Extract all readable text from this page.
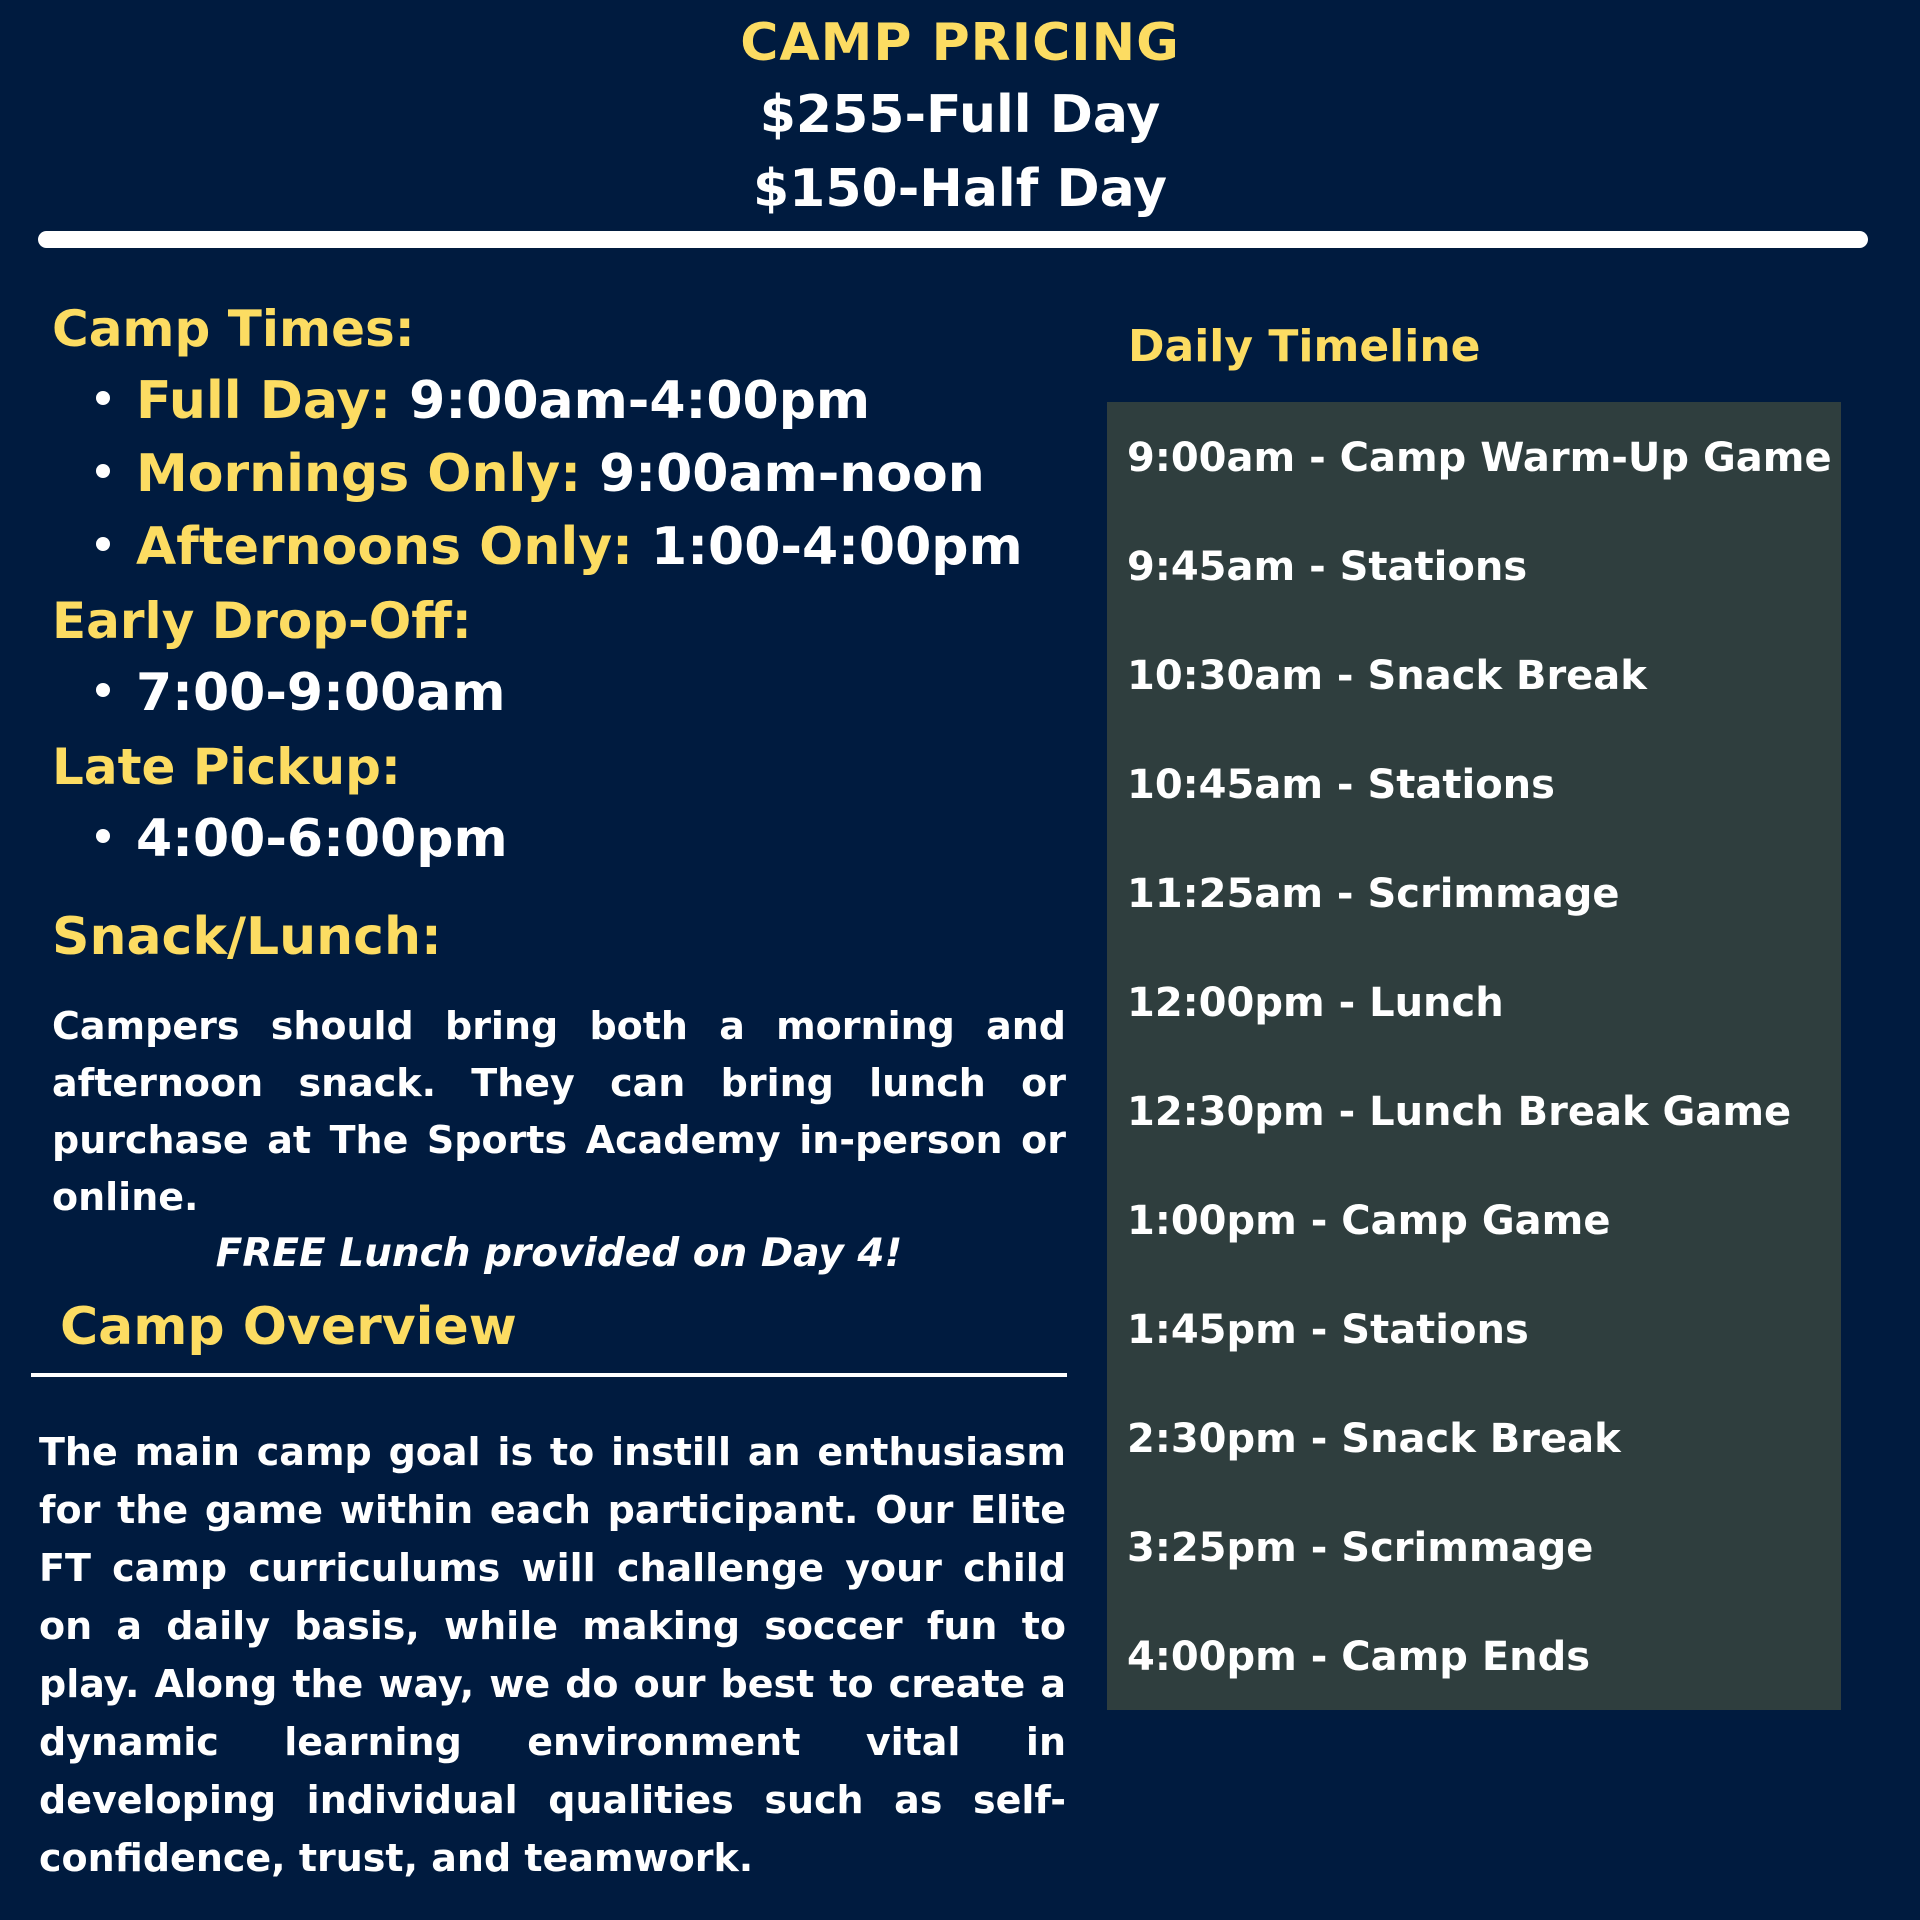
CAMP PRICING
$255-Full Day
$150-Half Day
Camp Times:
Full Day: 9:00am-4:00pm
Mornings Only: 9:00am-noon
Afternoons Only: 1:00-4:00pm
Early Drop-Off:
7:00-9:00am
Late Pickup:
4:00-6:00pm
Snack/Lunch:
Campers should bring both a morning and afternoon snack. They can bring lunch or purchase at The Sports Academy in-person or online.
FREE Lunch provided on Day 4!
Camp Overview
The main camp goal is to instill an enthusiasm for the game within each participant. Our Elite FT camp curriculums will challenge your child on a daily basis, while making soccer fun to play. Along the way, we do our best to create a dynamic learning environment vital in developing individual qualities such as self-confidence, trust, and teamwork.
Daily Timeline
9:00am - Camp Warm-Up Game
9:45am - Stations
10:30am - Snack Break
10:45am - Stations
11:25am - Scrimmage
12:00pm - Lunch
12:30pm - Lunch Break Game
1:00pm - Camp Game
1:45pm - Stations
2:30pm - Snack Break
3:25pm - Scrimmage
4:00pm - Camp Ends
